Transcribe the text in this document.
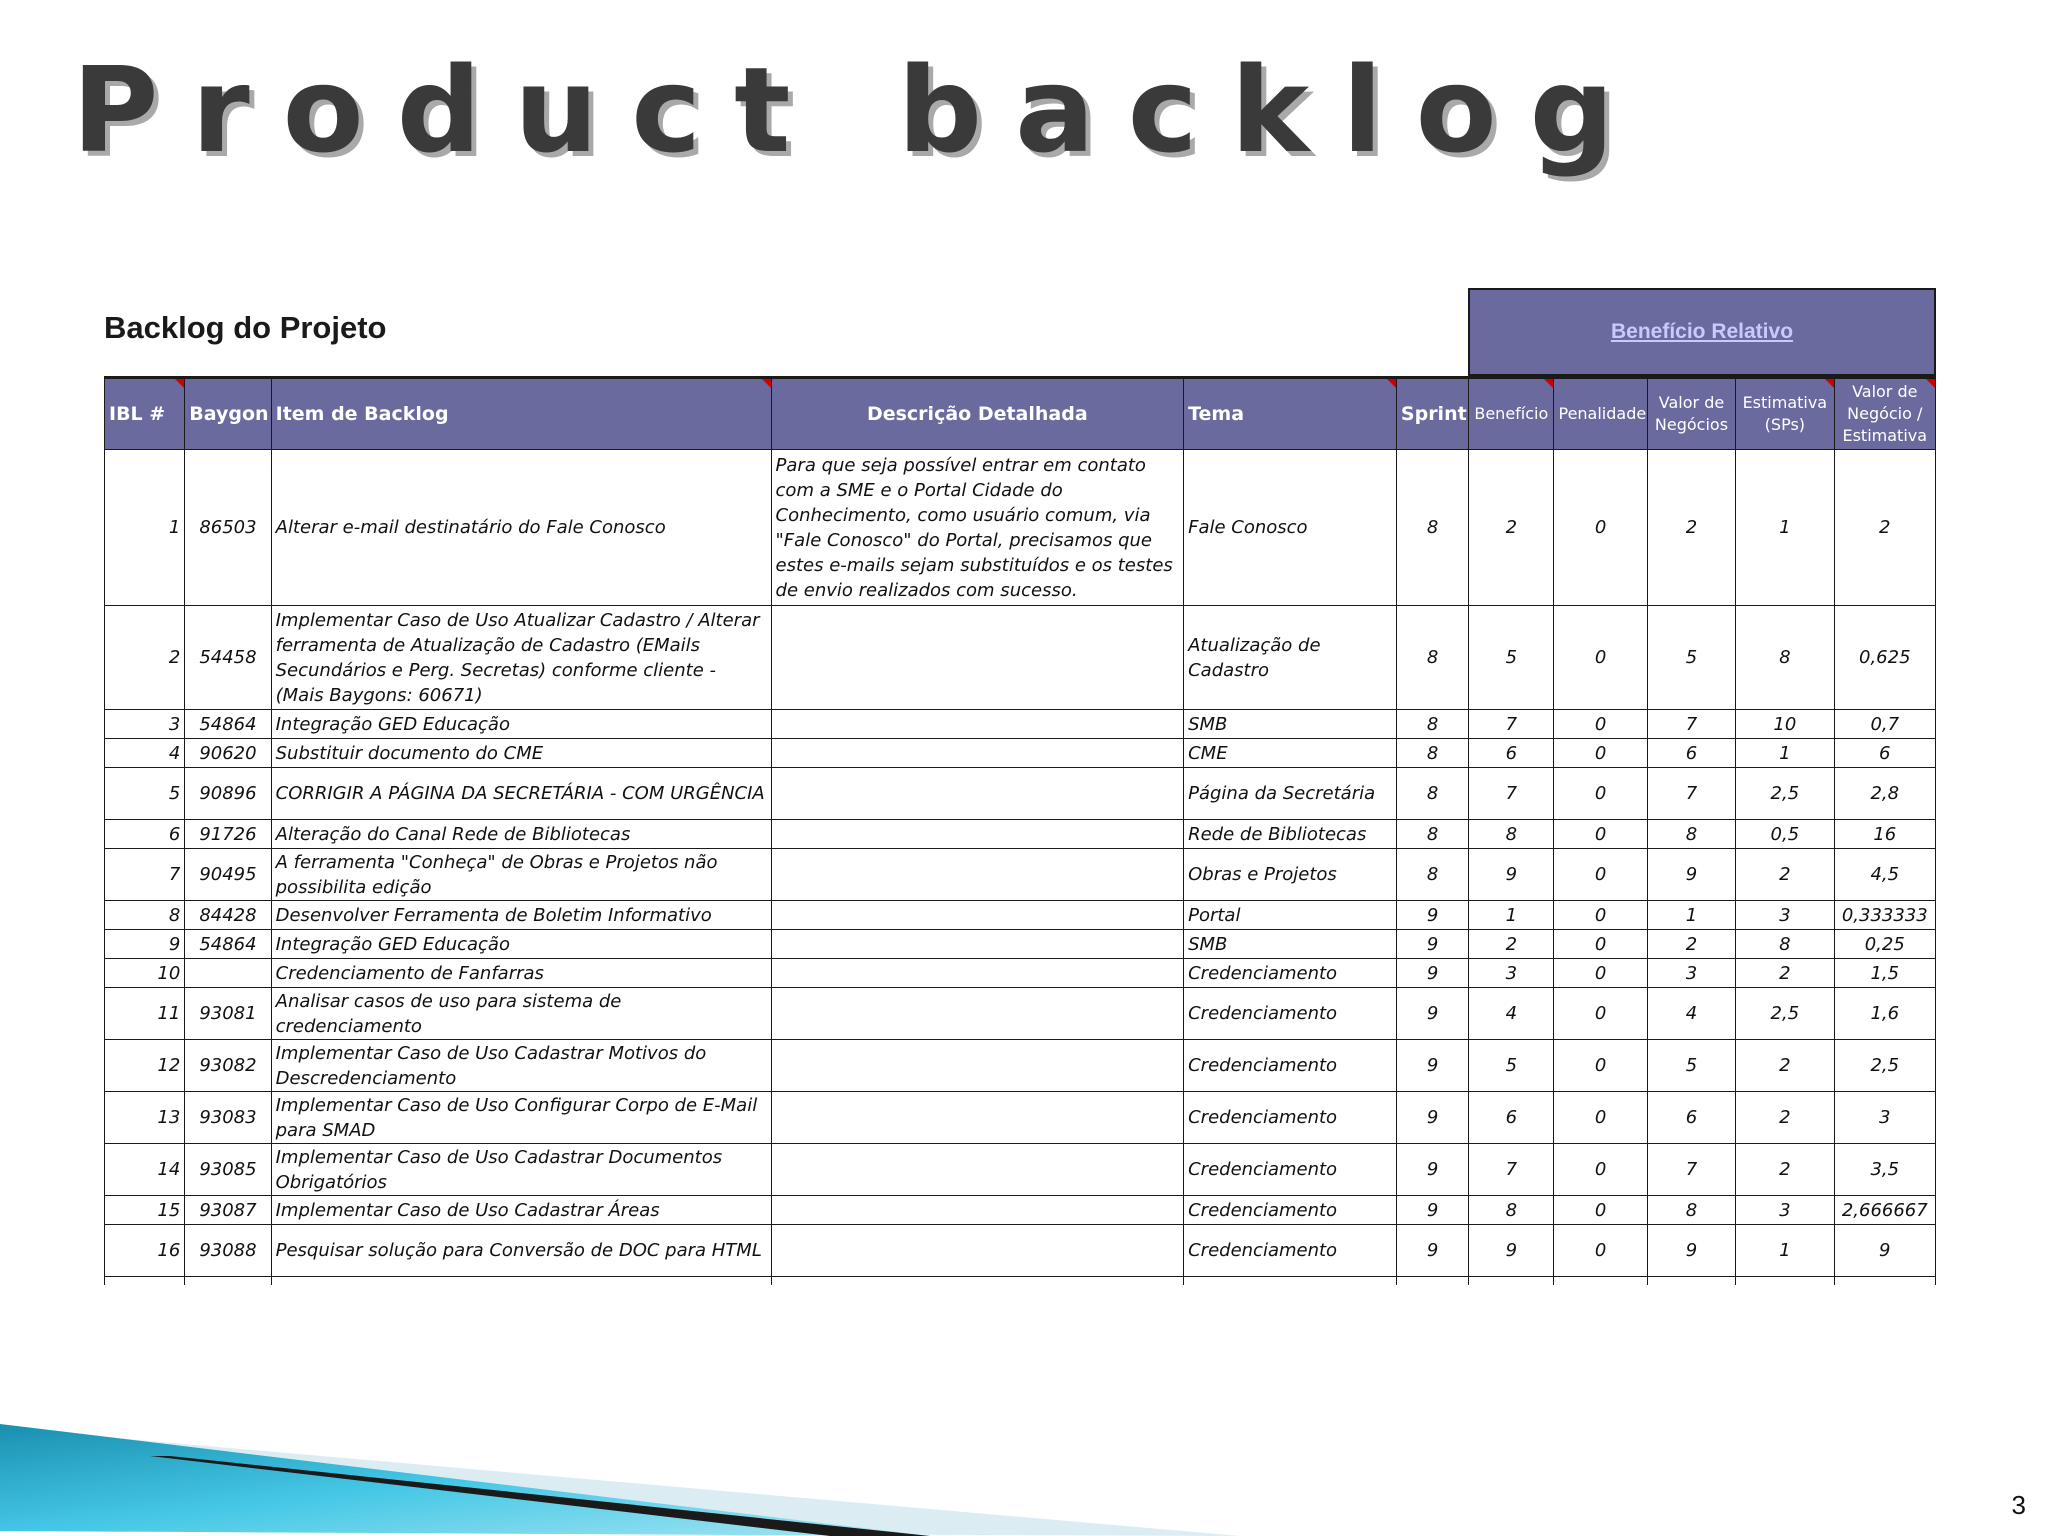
Product backlog
Backlog do Projeto	Benefício Relativo
IBL #	Baygon	Item de Backlog	Descrição Detalhada	Tema	Sprint	Benefício	Penalidade	Valor de Negócios	Estimativa (SPs)	Valor de Negócio / Estimativa

1	86503	Alterar e-mail destinatário do Fale Conosco	Para que seja possível entrar em contato com a SME e o Portal Cidade do Conhecimento, como usuário comum, via "Fale Conosco" do Portal, precisamos que estes e-mails sejam substituídos e os testes de envio realizados com sucesso.	Fale Conosco	8	2	0	2	1	2
2	54458	Implementar Caso de Uso Atualizar Cadastro / Alterar ferramenta de Atualização de Cadastro (EMails Secundários e Perg. Secretas) conforme cliente - (Mais Baygons: 60671)		Atualização de Cadastro	8	5	0	5	8	0,625
3	54864	Integração GED Educação		SMB	8	7	0	7	10	0,7
4	90620	Substituir documento do CME		CME	8	6	0	6	1	6
5	90896	CORRIGIR A PÁGINA DA SECRETÁRIA - COM URGÊNCIA		Página da Secretária	8	7	0	7	2,5	2,8
6	91726	Alteração do Canal Rede de Bibliotecas		Rede de Bibliotecas	8	8	0	8	0,5	16
7	90495	A ferramenta "Conheça" de Obras e Projetos não possibilita edição		Obras e Projetos	8	9	0	9	2	4,5
8	84428	Desenvolver Ferramenta de Boletim Informativo		Portal	9	1	0	1	3	0,333333
9	54864	Integração GED Educação		SMB	9	2	0	2	8	0,25
10		Credenciamento de Fanfarras		Credenciamento	9	3	0	3	2	1,5
11	93081	Analisar casos de uso para sistema de credenciamento		Credenciamento	9	4	0	4	2,5	1,6
12	93082	Implementar Caso de Uso Cadastrar Motivos do Descredenciamento		Credenciamento	9	5	0	5	2	2,5
13	93083	Implementar Caso de Uso Configurar Corpo de E-Mail para SMAD		Credenciamento	9	6	0	6	2	3
14	93085	Implementar Caso de Uso Cadastrar Documentos Obrigatórios		Credenciamento	9	7	0	7	2	3,5
15	93087	Implementar Caso de Uso Cadastrar Áreas		Credenciamento	9	8	0	8	3	2,666667
16	93088	Pesquisar solução para Conversão de DOC para HTML		Credenciamento	9	9	0	9	1	9

3
